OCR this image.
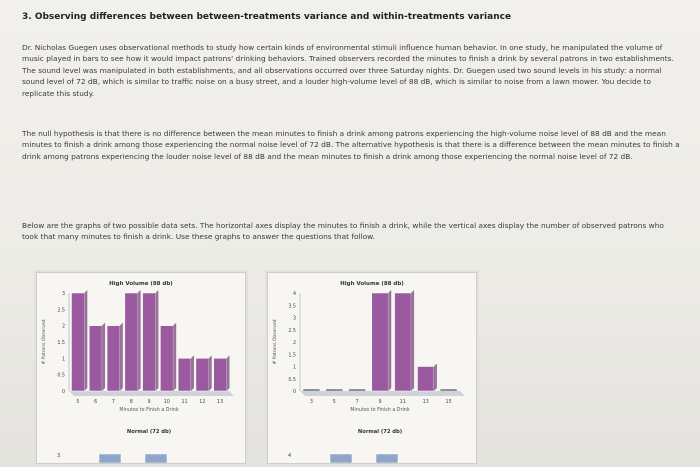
3. Observing differences between between-treatments variance and within-treatments variance
Dr. Nicholas Guegen uses observational methods to study how certain kinds of environmental stimuli influence human behavior. In one study, he manipulated the volume of music played in bars to see how it would impact patrons' drinking behaviors. Trained observers recorded the minutes to finish a drink by several patrons in two establishments. The sound level was manipulated in both establishments, and all observations occurred over three Saturday nights. Dr. Guegen used two sound levels in his study: a normal sound level of 72 dB, which is similar to traffic noise on a busy street, and a louder high-volume level of 88 dB, which is similar to noise from a lawn mower. You decide to replicate this study.
The null hypothesis is that there is no difference between the mean minutes to finish a drink among patrons experiencing the high-volume noise level of 88 dB and the mean minutes to finish a drink among those experiencing the normal noise level of 72 dB. The alternative hypothesis is that there is a difference between the mean minutes to finish a drink among patrons experiencing the louder noise level of 88 dB and the mean minutes to finish a drink among those experiencing the normal noise level of 72 dB.
Below are the graphs of two possible data sets. The horizontal axes display the minutes to finish a drink, while the vertical axes display the number of observed patrons who took that many minutes to finish a drink. Use these graphs to answer the questions that follow.
High Volume (88 db)
# Patrons Observed
0
0.5
1
1.5
2
2.5
3
5	6	7	8	9	10 11 12 13
Minutes to Finish a Drink
Normal (72 db)
3
High Volume (88 db)
# Patrons Observed
0
0.5
1
1.5
2
2.5
3
3.5
4
3	5	7	9	11	13	15
Minutes to Finish a Drink
Normal (72 db)
4
